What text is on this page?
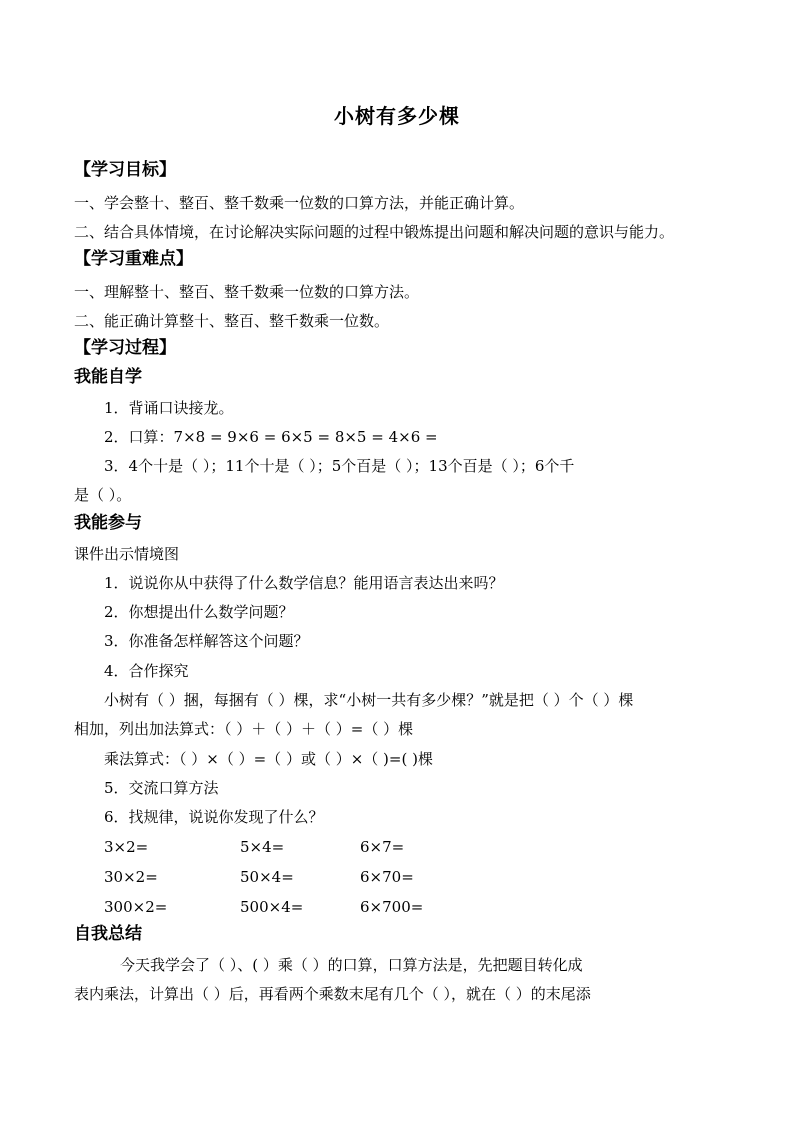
小树有多少棵
【学习目标】
一、学会整十、整百、整千数乘一位数的口算方法，并能正确计算。
二、结合具体情境，在讨论解决实际问题的过程中锻炼提出问题和解决问题的意识与能力。
【学习重难点】
一、理解整十、整百、整千数乘一位数的口算方法。
二、能正确计算整十、整百、整千数乘一位数。
【学习过程】
我能自学
1．背诵口诀接龙。
2．口算：7×8 = 9×6 = 6×5 = 8×5 = 4×6 =
3．4个十是（ ）；11个十是（ ）；5个百是（ ）；13个百是（ ）；6个千
是（ ）。
我能参与
课件出示情境图
1．说说你从中获得了什么数学信息？能用语言表达出来吗？
2．你想提出什么数学问题？
3．你准备怎样解答这个问题？
4．合作探究
小树有（ ）捆，每捆有（ ）棵，求“小树一共有多少棵？”就是把（ ）个（ ）棵
相加，列出加法算式：（ ）＋（ ）＋（ ）=（ ）棵
乘法算式：（ ）×（ ）=（ ）或（ ）×（ )=( )棵
5．交流口算方法
6．找规律，说说你发现了什么？
3×2=	5×4=	6×7=
30×2=	50×4=	6×70=
300×2=	500×4=	6×700=
自我总结
今天我学会了（ ）、( ）乘（ ）的口算，口算方法是，先把题目转化成
表内乘法，计算出（ ）后，再看两个乘数末尾有几个（ ），就在（ ）的末尾添
